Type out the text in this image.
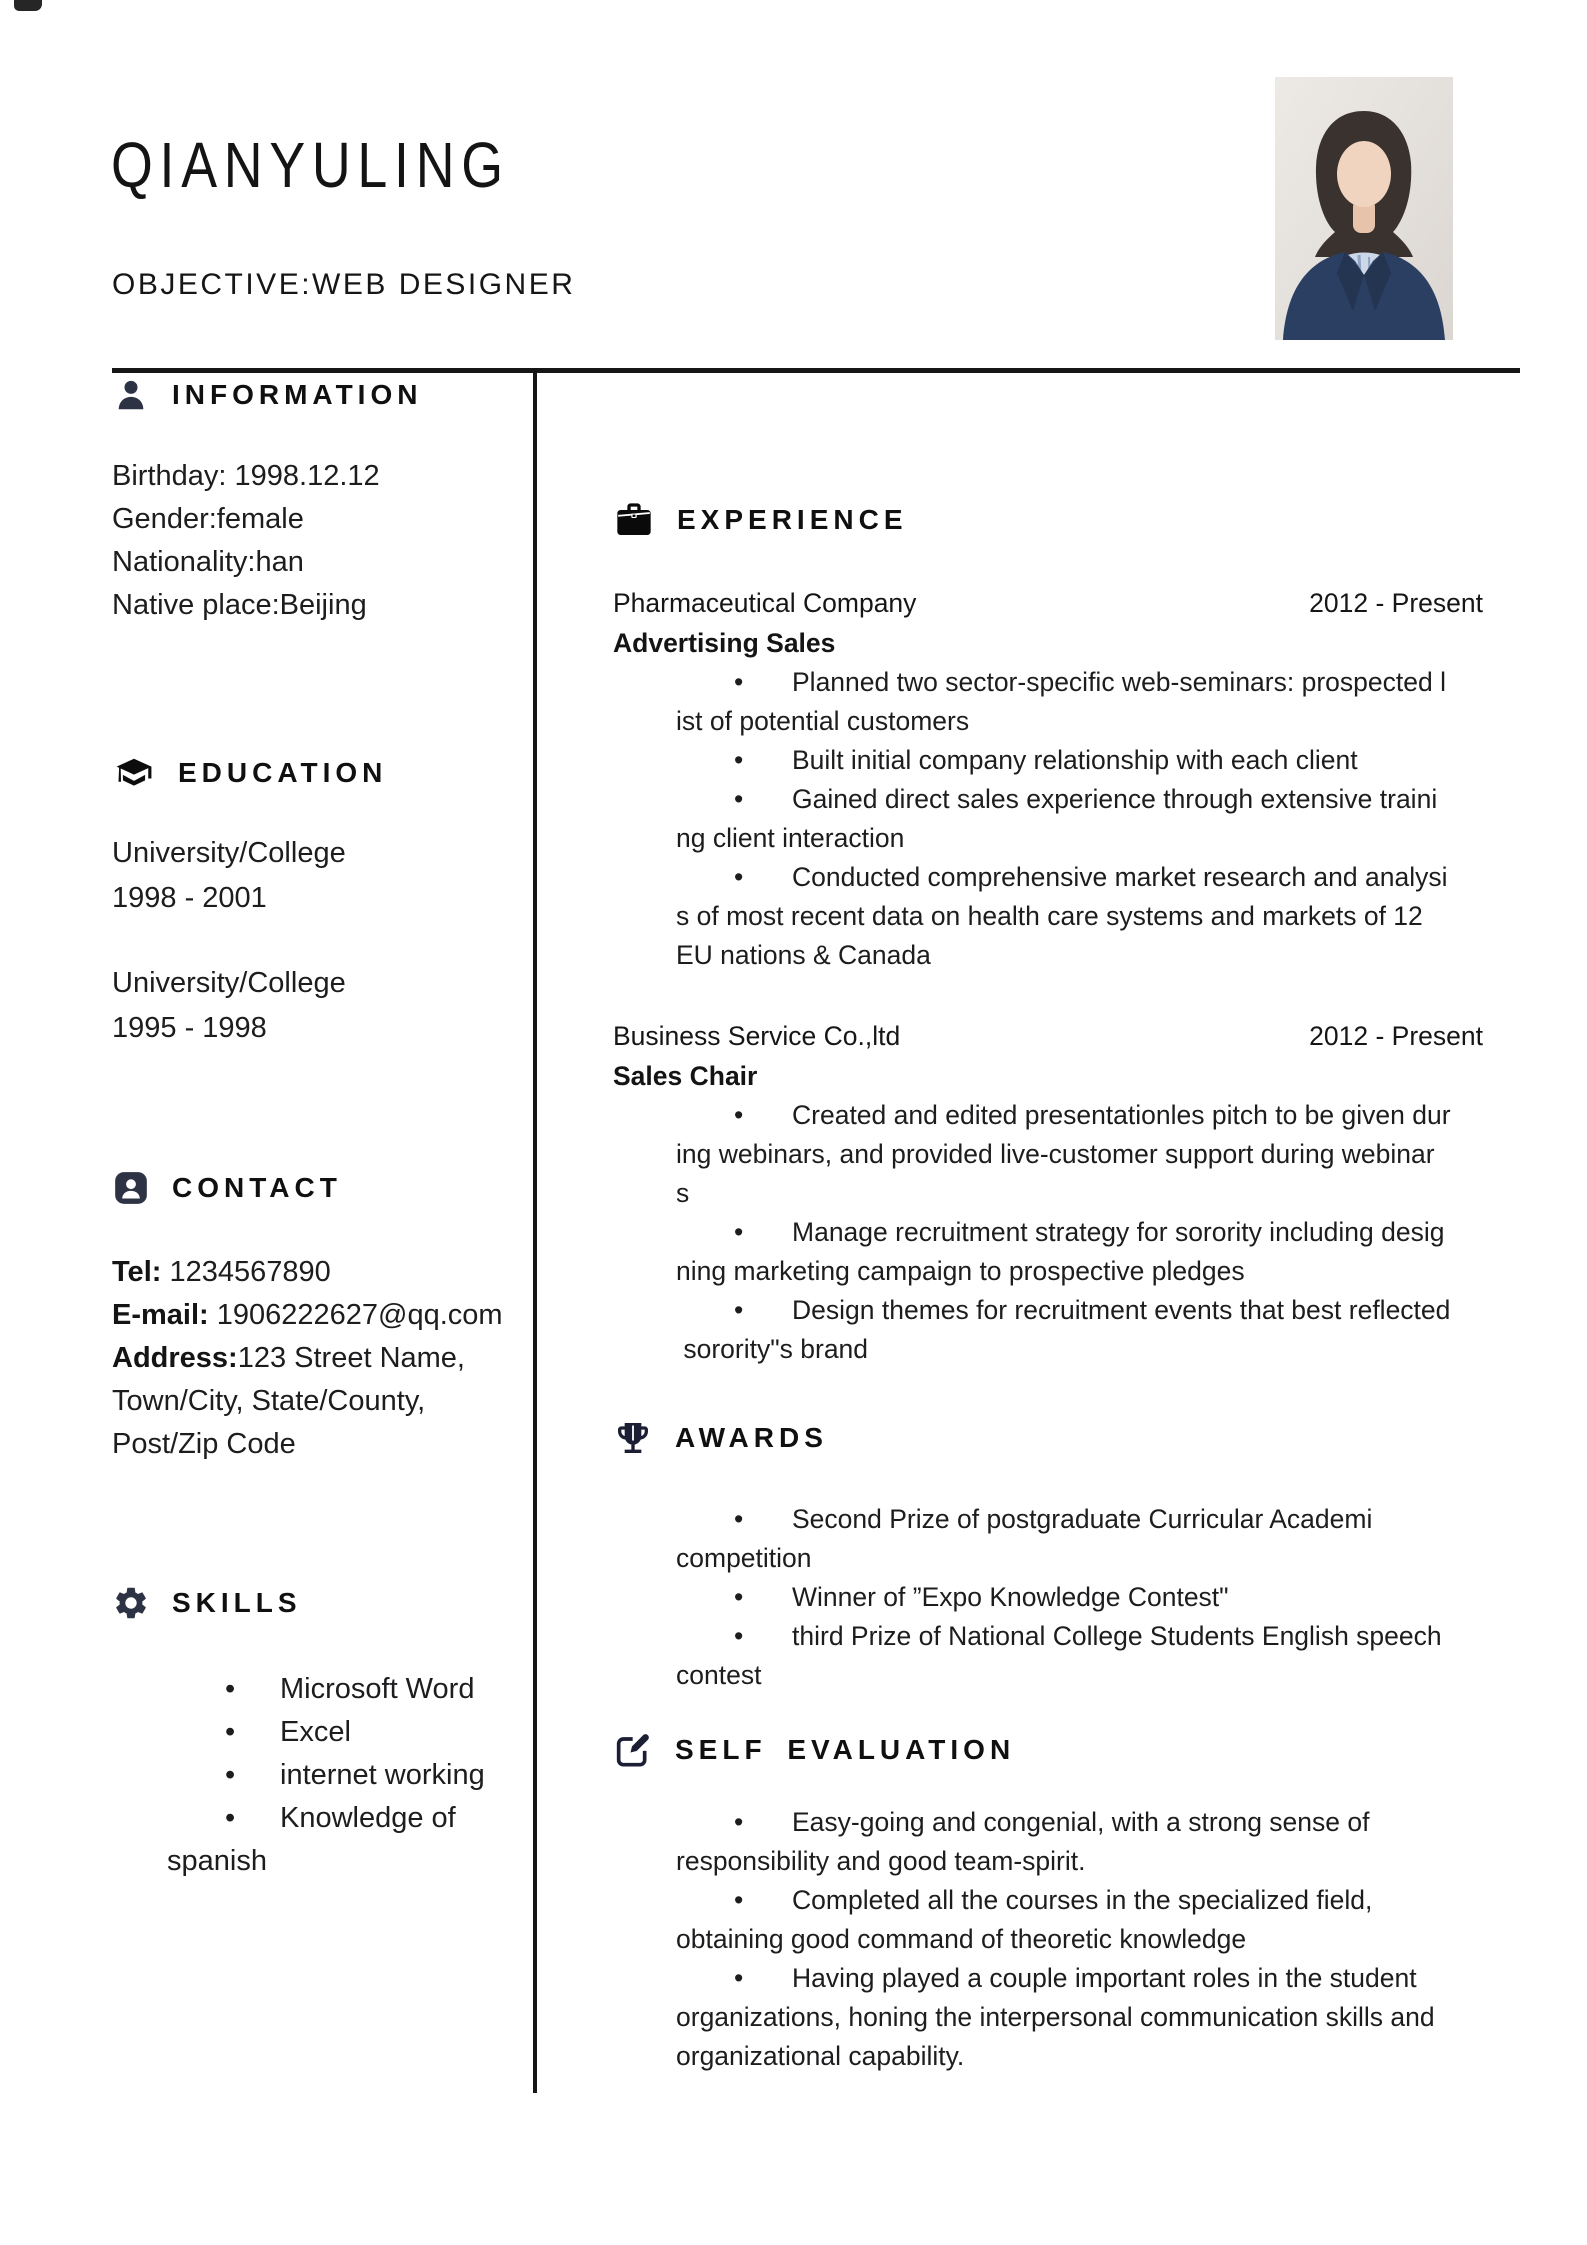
QIANYULING
OBJECTIVE:WEB DESIGNER
INFORMATION
Birthday: 1998.12.12
Gender:female
Nationality:han
Native place:Beijing
EDUCATION
University/College
1998 - 2001
University/College
1995 - 1998
CONTACT
Tel: 1234567890
E-mail: 1906222627@qq.com
Address:123 Street Name,
Town/City, State/County,
Post/Zip Code
SKILLS
• Microsoft Word
• Excel
• internet working
• Knowledge of
spanish
EXPERIENCE
Pharmaceutical Company	2012 - Present
Advertising Sales
• Planned two sector-specific web-seminars: prospected l
ist of potential customers
• Built initial company relationship with each client
• Gained direct sales experience through extensive traini
ng client interaction
• Conducted comprehensive market research and analysi
s of most recent data on health care systems and markets of 12
EU nations & Canada
Business Service Co.,ltd	2012 - Present
Sales Chair
• Created and edited presentationles pitch to be given dur
ing webinars, and provided live-customer support during webinar
s
• Manage recruitment strategy for sorority including desig
ning marketing campaign to prospective pledges
• Design themes for recruitment events that best reflected
sorority"s brand
AWARDS
• Second Prize of postgraduate Curricular Academi
competition
• Winner of ”Expo Knowledge Contest"
• third Prize of National College Students English speech
contest
SELF EVALUATION
• Easy-going and congenial, with a strong sense of
responsibility and good team-spirit.
• Completed all the courses in the specialized field,
obtaining good command of theoretic knowledge
• Having played a couple important roles in the student
organizations, honing the interpersonal communication skills and
organizational capability.
